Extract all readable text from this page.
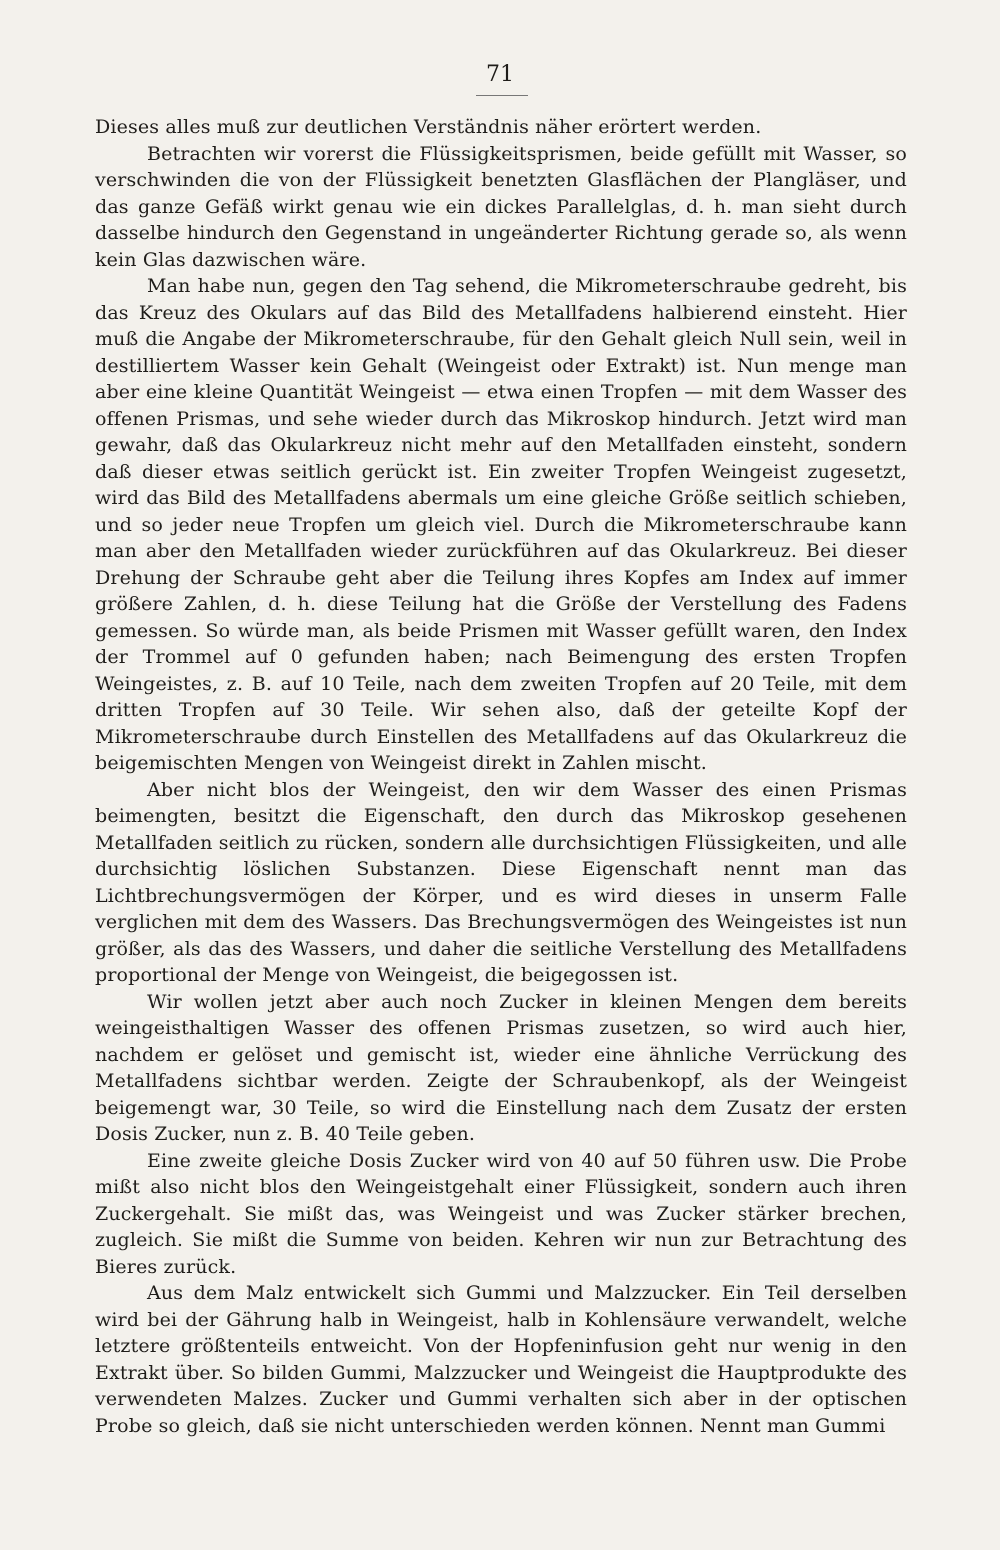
71

Dieses alles muß zur deutlichen Verständnis näher erörtert werden.

Betrachten wir vorerst die Flüssigkeitsprismen, beide gefüllt mit Wasser, so verschwinden die von der Flüssigkeit benetzten Glasflächen der Plangläser, und das ganze Gefäß wirkt genau wie ein dickes Parallelglas, d. h. man sieht durch dasselbe hindurch den Gegenstand in ungeänderter Richtung gerade so, als wenn kein Glas dazwischen wäre.

Man habe nun, gegen den Tag sehend, die Mikrometerschraube gedreht, bis das Kreuz des Okulars auf das Bild des Metallfadens halbierend einsteht. Hier muß die Angabe der Mikrometerschraube, für den Gehalt gleich Null sein, weil in destilliertem Wasser kein Gehalt (Weingeist oder Extrakt) ist. Nun menge man aber eine kleine Quantität Weingeist — etwa einen Tropfen — mit dem Wasser des offenen Prismas, und sehe wieder durch das Mikroskop hindurch. Jetzt wird man gewahr, daß das Okularkreuz nicht mehr auf den Metallfaden einsteht, sondern daß dieser etwas seitlich gerückt ist. Ein zweiter Tropfen Weingeist zugesetzt, wird das Bild des Metallfadens abermals um eine gleiche Größe seitlich schieben, und so jeder neue Tropfen um gleich viel. Durch die Mikrometerschraube kann man aber den Metallfaden wieder zurückführen auf das Okularkreuz. Bei dieser Drehung der Schraube geht aber die Teilung ihres Kopfes am Index auf immer größere Zahlen, d. h. diese Teilung hat die Größe der Verstellung des Fadens gemessen. So würde man, als beide Prismen mit Wasser gefüllt waren, den Index der Trommel auf 0 gefunden haben; nach Beimengung des ersten Tropfen Weingeistes, z. B. auf 10 Teile, nach dem zweiten Tropfen auf 20 Teile, mit dem dritten Tropfen auf 30 Teile. Wir sehen also, daß der geteilte Kopf der Mikrometerschraube durch Einstellen des Metallfadens auf das Okularkreuz die beigemischten Mengen von Weingeist direkt in Zahlen mischt.

Aber nicht blos der Weingeist, den wir dem Wasser des einen Prismas beimengten, besitzt die Eigenschaft, den durch das Mikroskop gesehenen Metallfaden seitlich zu rücken, sondern alle durchsichtigen Flüssigkeiten, und alle durchsichtig löslichen Substanzen. Diese Eigenschaft nennt man das Lichtbrechungsvermögen der Körper, und es wird dieses in unserm Falle verglichen mit dem des Wassers. Das Brechungsvermögen des Weingeistes ist nun größer, als das des Wassers, und daher die seitliche Verstellung des Metallfadens proportional der Menge von Weingeist, die beigegossen ist.

Wir wollen jetzt aber auch noch Zucker in kleinen Mengen dem bereits weingeisthaltigen Wasser des offenen Prismas zusetzen, so wird auch hier, nachdem er gelöset und gemischt ist, wieder eine ähnliche Verrückung des Metallfadens sichtbar werden. Zeigte der Schraubenkopf, als der Weingeist beigemengt war, 30 Teile, so wird die Einstellung nach dem Zusatz der ersten Dosis Zucker, nun z. B. 40 Teile geben.

Eine zweite gleiche Dosis Zucker wird von 40 auf 50 führen usw. Die Probe mißt also nicht blos den Weingeistgehalt einer Flüssigkeit, sondern auch ihren Zuckergehalt. Sie mißt das, was Weingeist und was Zucker stärker brechen, zugleich. Sie mißt die Summe von beiden. Kehren wir nun zur Betrachtung des Bieres zurück.

Aus dem Malz entwickelt sich Gummi und Malzzucker. Ein Teil derselben wird bei der Gährung halb in Weingeist, halb in Kohlensäure verwandelt, welche letztere größtenteils entweicht. Von der Hopfeninfusion geht nur wenig in den Extrakt über. So bilden Gummi, Malzzucker und Weingeist die Hauptprodukte des verwendeten Malzes. Zucker und Gummi verhalten sich aber in der optischen Probe so gleich, daß sie nicht unterschieden werden können. Nennt man Gummi
